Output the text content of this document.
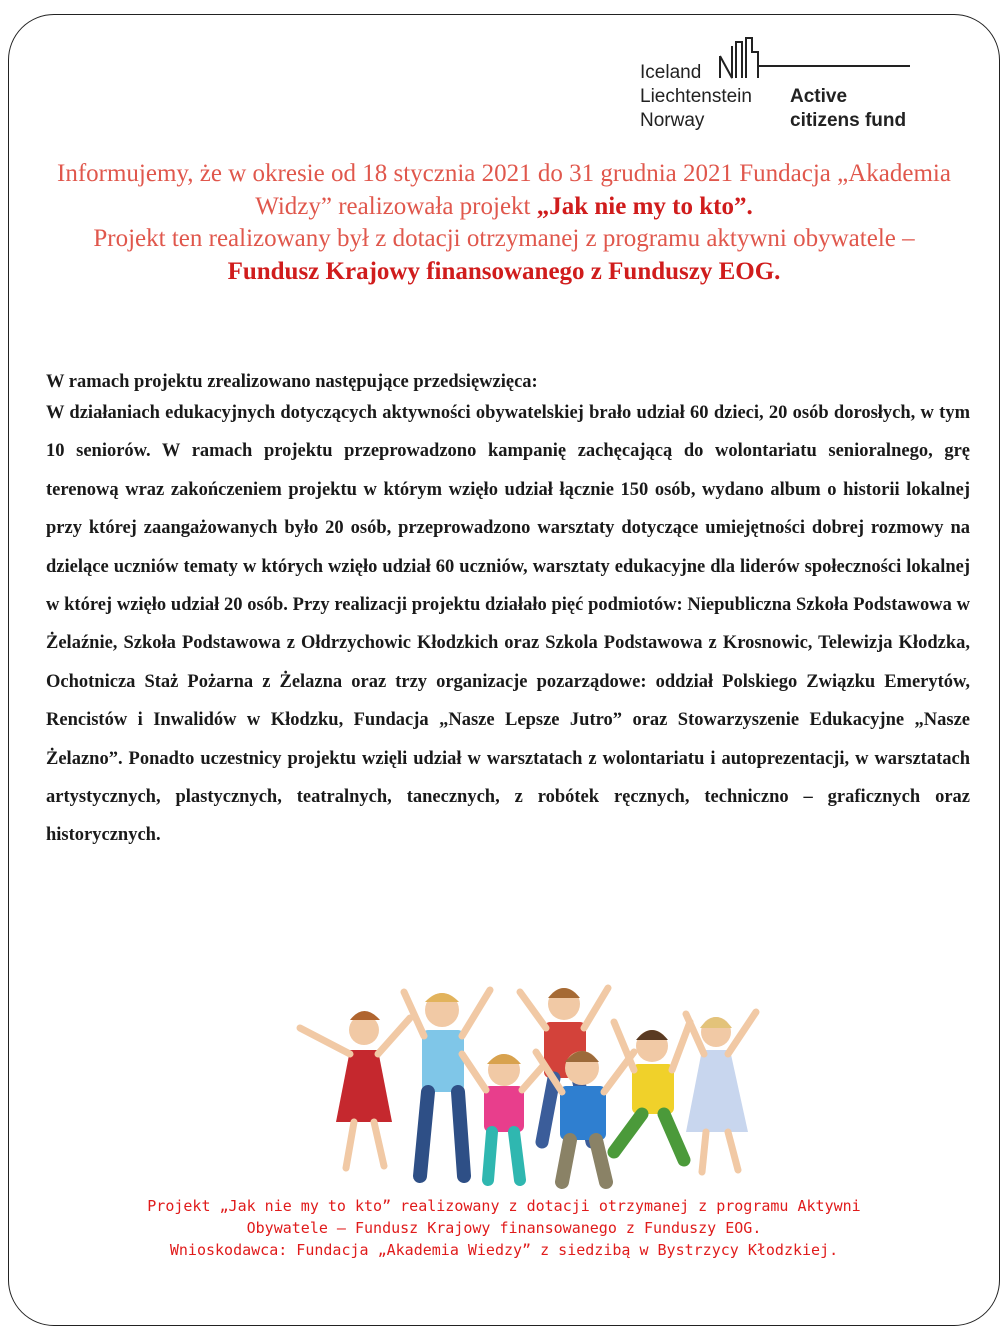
Iceland
Liechtenstein
Norway
Active
citizens fund
Informujemy, że w okresie od 18 stycznia 2021 do 31 grudnia 2021 Fundacja „Akademia Widzy” realizowała projekt „Jak nie my to kto”.
Projekt ten realizowany był z dotacji otrzymanej z programu aktywni obywatele –
Fundusz Krajowy finansowanego z Funduszy EOG.
W ramach projektu zrealizowano następujące przedsięwzięca:
W działaniach edukacyjnych dotyczących aktywności obywatelskiej brało udział 60 dzieci, 20 osób dorosłych, w tym 10 seniorów. W ramach projektu przeprowadzono kampanię zachęcającą do wolontariatu senioralnego, grę terenową wraz zakończeniem projektu w którym wzięło udział łącznie 150 osób, wydano album o historii lokalnej przy której zaangażowanych było 20 osób, przeprowadzono warsztaty dotyczące umiejętności dobrej rozmowy na dzielące uczniów tematy w których wzięło udział 60 uczniów, warsztaty edukacyjne dla liderów społeczności lokalnej w której wzięło udział 20 osób. Przy realizacji projektu działało pięć podmiotów: Niepubliczna Szkoła Podstawowa w Żelaźnie, Szkoła Podstawowa z Ołdrzychowic Kłodzkich oraz Szkola Podstawowa z Krosnowic, Telewizja Kłodzka, Ochotnicza Staż Pożarna z Żelazna oraz trzy organizacje pozarządowe: oddział Polskiego Związku Emerytów, Rencistów i Inwalidów w Kłodzku, Fundacja „Nasze Lepsze Jutro” oraz Stowarzyszenie Edukacyjne „Nasze Żelazno”. Ponadto uczestnicy projektu wzięli udział w warsztatach z wolontariatu i autoprezentacji, w warsztatach artystycznych, plastycznych, teatralnych, tanecznych, z robótek ręcznych, techniczno – graficznych oraz historycznych.
Projekt „Jak nie my to kto” realizowany z dotacji otrzymanej z programu Aktywni
Obywatele – Fundusz Krajowy finansowanego z Funduszy EOG.
Wnioskodawca: Fundacja „Akademia Wiedzy” z siedzibą w Bystrzycy Kłodzkiej.
